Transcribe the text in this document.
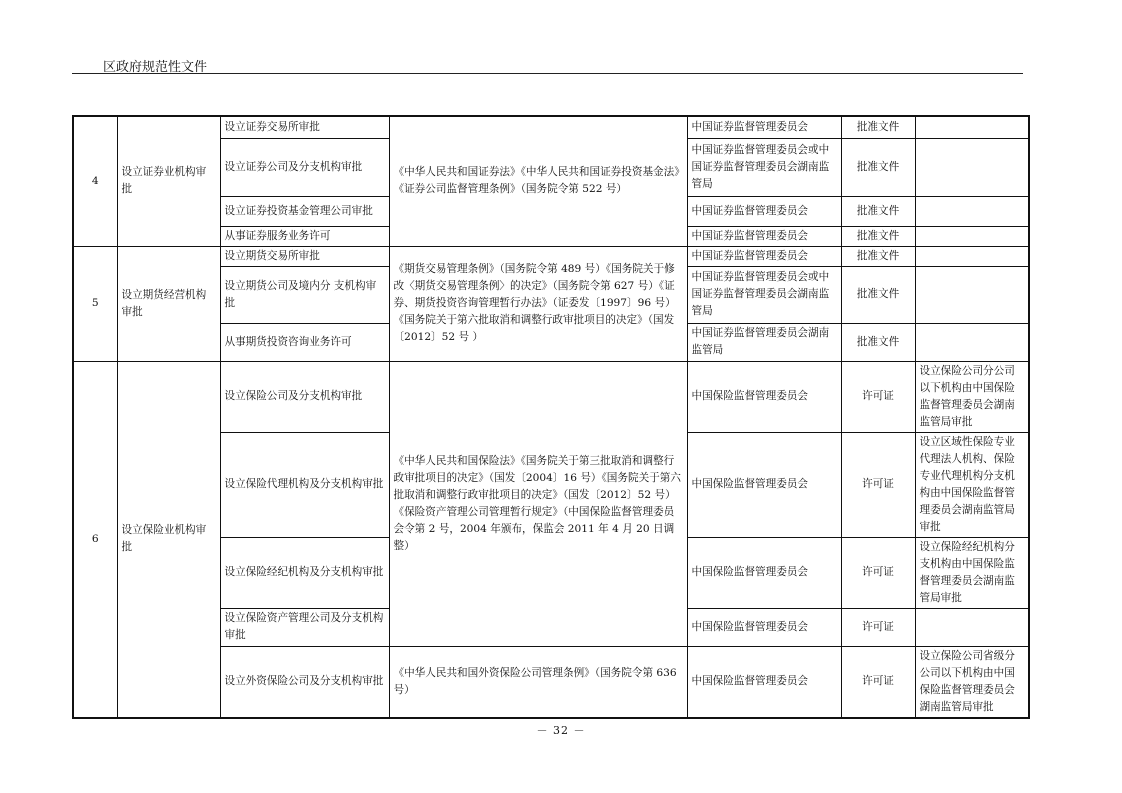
区政府规范性文件
4	设立证券业机构审批	设立证券交易所审批	《中华人民共和国证券法》《中华人民共和国证券投资基金法》《证券公司监督管理条例》（国务院令第 522 号）	中国证券监督管理委员会	批准文件	
		设立证券公司及分支机构审批		中国证券监督管理委员会或中国证券监督管理委员会湖南监管局	批准文件	
		设立证券投资基金管理公司审批		中国证券监督管理委员会	批准文件	
		从事证券服务业务许可		中国证券监督管理委员会	批准文件	
5	设立期货经营机构审批	设立期货交易所审批	《期货交易管理条例》（国务院令第 489 号）《国务院关于修改〈期货交易管理条例〉的决定》（国务院令第 627 号）《证券、期货投资咨询管理暂行办法》（证委发〔1997〕96 号）《国务院关于第六批取消和调整行政审批项目的决定》（国发〔2012〕52 号 ）	中国证券监督管理委员会	批准文件	
		设立期货公司及境内分 支机构审批		中国证券监督管理委员会或中国证券监督管理委员会湖南监管局	批准文件	
		从事期货投资咨询业务许可		中国证券监督管理委员会湖南监管局	批准文件	
6	设立保险业机构审批	设立保险公司及分支机构审批	《中华人民共和国保险法》《国务院关于第三批取消和调整行政审批项目的决定》（国发〔2004〕16 号）《国务院关于第六批取消和调整行政审批项目的决定》（国发〔2012〕52 号）《保险资产管理公司管理暂行规定》（中国保险监督管理委员会令第 2 号，2004 年颁布，保监会 2011 年 4 月 20 日调整）	中国保险监督管理委员会	许可证	设立保险公司分公司以下机构由中国保险监督管理委员会湖南监管局审批
		设立保险代理机构及分支机构审批		中国保险监督管理委员会	许可证	设立区域性保险专业代理法人机构、保险专业代理机构分支机构由中国保险监督管理委员会湖南监管局审批
		设立保险经纪机构及分支机构审批		中国保险监督管理委员会	许可证	设立保险经纪机构分支机构由中国保险监督管理委员会湖南监管局审批
		设立保险资产管理公司及分支机构审批		中国保险监督管理委员会	许可证	
		设立外资保险公司及分支机构审批	《中华人民共和国外资保险公司管理条例》（国务院令第 636 号）	中国保险监督管理委员会	许可证	设立保险公司省级分公司以下机构由中国保险监督管理委员会湖南监管局审批
－ 32 －
